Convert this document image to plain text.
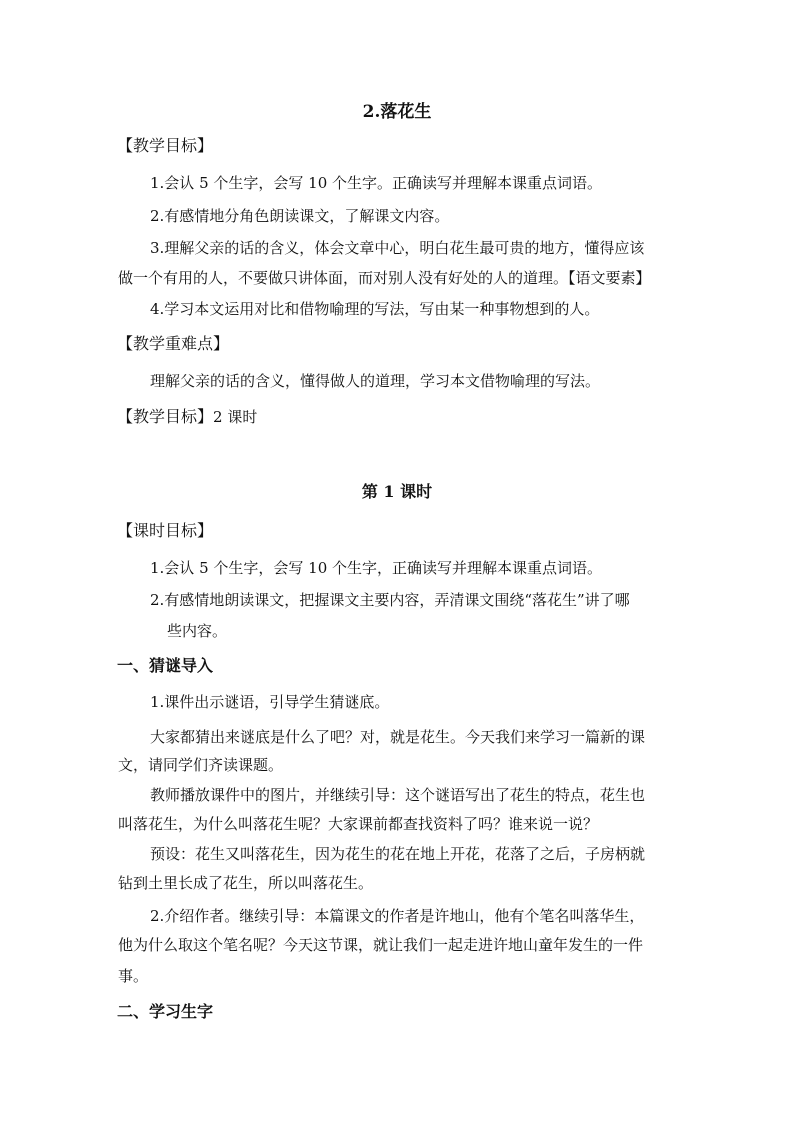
2.落花生

【教学目标】

1.会认 5 个生字，会写 10 个生字。正确读写并理解本课重点词语。

2.有感情地分角色朗读课文，了解课文内容。

3.理解父亲的话的含义，体会文章中心，明白花生最可贵的地方，懂得应该

做一个有用的人，不要做只讲体面，而对别人没有好处的人的道理。【语文要素】

4.学习本文运用对比和借物喻理的写法，写由某一种事物想到的人。

【教学重难点】

理解父亲的话的含义，懂得做人的道理，学习本文借物喻理的写法。

【教学目标】2 课时

第 1 课时

【课时目标】

1.会认 5 个生字，会写 10 个生字，正确读写并理解本课重点词语。

2.有感情地朗读课文，把握课文主要内容，弄清课文围绕“落花生”讲了哪

些内容。

一、猜谜导入

1.课件出示谜语，引导学生猜谜底。

大家都猜出来谜底是什么了吧？对，就是花生。今天我们来学习一篇新的课

文，请同学们齐读课题。

教师播放课件中的图片，并继续引导：这个谜语写出了花生的特点，花生也

叫落花生，为什么叫落花生呢？大家课前都查找资料了吗？谁来说一说？

预设：花生又叫落花生，因为花生的花在地上开花，花落了之后，子房柄就

钻到土里长成了花生，所以叫落花生。

2.介绍作者。继续引导：本篇课文的作者是许地山，他有个笔名叫落华生，

他为什么取这个笔名呢？今天这节课，就让我们一起走进许地山童年发生的一件

事。

二、学习生字
